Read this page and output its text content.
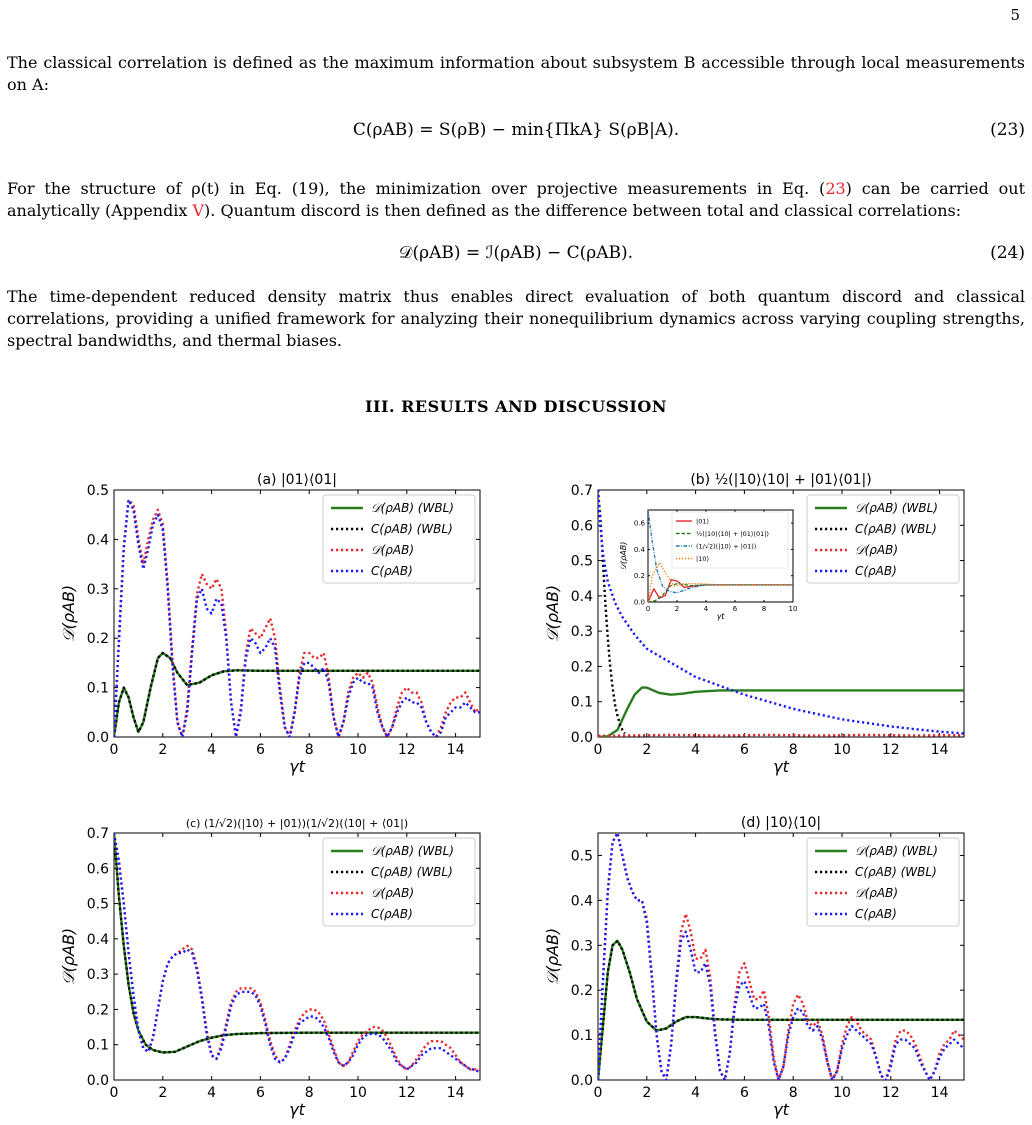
5
The classical correlation is defined as the maximum information about subsystem B accessible through local measurements on A:
C(ρAB) = S(ρB) − min{ΠkA} S(ρB|A).	(23)
For the structure of ρ(t) in Eq. (19), the minimization over projective measurements in Eq. (23) can be carried out analytically (Appendix V). Quantum discord is then defined as the difference between total and classical correlations:
𝒟(ρAB) = ℐ(ρAB) − C(ρAB).	(24)
The time-dependent reduced density matrix thus enables direct evaluation of both quantum discord and classical correlations, providing a unified framework for analyzing their nonequilibrium dynamics across varying coupling strengths, spectral bandwidths, and thermal biases.
III. RESULTS AND DISCUSSION
0	2	4	6	8	10 12 14
0.0
0.1
0.2
0.3
0.4
0.5
γt
𝒟(ρAB)
(a) |01⟩⟨01|
𝒟(ρAB) (WBL)
C(ρAB) (WBL)
𝒟(ρAB)
C(ρAB)
0	2	4	6	8	10 12 14
0.0
0.1
0.2
0.3
0.4
0.5
0.6
0.7
γt
𝒟(ρAB)
(b) ½(|10⟩⟨10| + |01⟩⟨01|)
𝒟(ρAB) (WBL)
C(ρAB) (WBL)
𝒟(ρAB)
C(ρAB)
0	2	4	6	8	10
0.0
0.2
0.4
0.6
γt
𝒟(ρAB)
|01⟩
½(|10⟩⟨10| + |01⟩⟨01|)
(1/√2)(|10⟩ + |01⟩)
|10⟩
0	2	4	6	8	10 12 14
0.0
0.1
0.2
0.3
0.4
0.5
0.6
0.7
γt
𝒟(ρAB)
(c) (1/√2)(|10⟩ + |01⟩)(1/√2)(⟨10| + ⟨01|)
𝒟(ρAB) (WBL)
C(ρAB) (WBL)
𝒟(ρAB)
C(ρAB)
0	2	4	6	8	10 12 14
0.0
0.1
0.2
0.3
0.4
0.5
γt
𝒟(ρAB)
(d) |10⟩⟨10|
𝒟(ρAB) (WBL)
C(ρAB) (WBL)
𝒟(ρAB)
C(ρAB)
